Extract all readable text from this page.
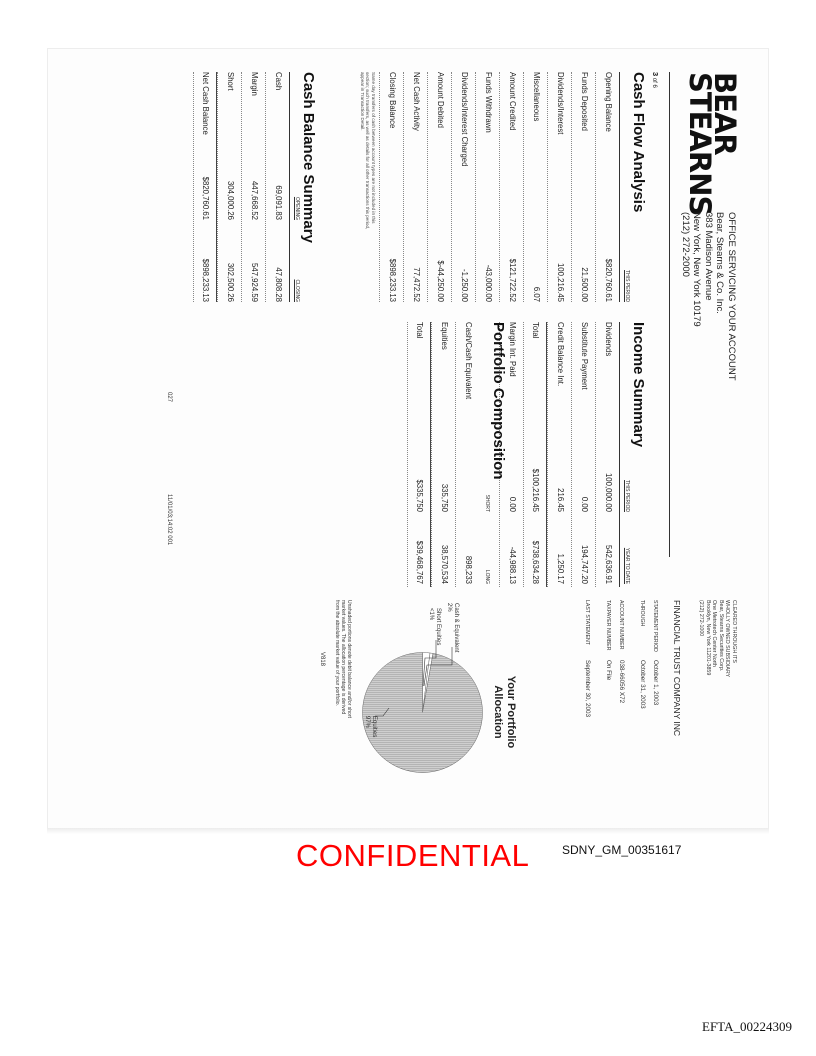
BEAR
STEARNS
OFFICE SERVICING YOUR ACCOUNT
Bear, Stearns & Co. Inc.
383 Madison Avenue
New York, New York 10179
(212) 272-2000
CLEARED THROUGH ITS
WHOLLY OWNED SUBSIDIARY
Bear, Stearns Securities Corp.
One Metrotech Center North
Brooklyn, New York 11201-3859
(212) 272-1000
FINANCIAL TRUST COMPANY INC
STATEMENT PERIODOctober 1, 2003
THROUGHOctober 31, 2003
ACCOUNT NUMBER038-66056 X72
TAXPAYER NUMBEROn File
LAST STATEMENTSeptember 30, 2003
3 of 6
Cash Flow Analysis
THIS PERIOD
Opening Balance
$820,760.61
Funds Deposited
21,500.00
Dividends/Interest
100,216.45
Miscellaneous
6.07
Amount Credited
$121,722.52
Funds Withdrawn
-43,000.00
Dividends/Interest Charged
-1,250.00
Amount Debited
$-44,250.00
Net Cash Activity
77,472.52
Closing Balance
$898,233.13
Same day transfers of cash between account types are not included in this
section; such transfers, as well as details for all other transactions this period,
appear in Transaction Detail.
Cash Balance Summary
OPENING
CLOSING
Cash
69,091.83
47,808.28
Margin
447,668.52
547,924.59
Short
304,000.26
302,500.26
Net Cash Balance
$820,760.61
$898,233.13
Income Summary
THIS PERIOD
YEAR TO DATE
Dividends
100,000.00
542,636.91
Substitute Payment
0.00
194,747.20
Credit Balance Int.
216.45
1,250.17
Total
$100,216.45
$738,634.28
Margin Int. Paid
0.00
-44,988.13
Portfolio Composition
SHORT
LONG
Cash/Cash Equivalent
898,233
Equities
335,750
38,570,534
Total
$335,750
$39,468,767
Your Portfolio
Allocation
Cash & Equivalent
2%
Short Equities
<1%
Equities
97%
Unshaded portions denote debit balance and/or short
market values. The allocation percentage is derived
from the absolute market value of your portfolio.
V818
027
11/01/03;14:02 001
CONFIDENTIAL	SDNY_GM_00351617
EFTA_00224309
